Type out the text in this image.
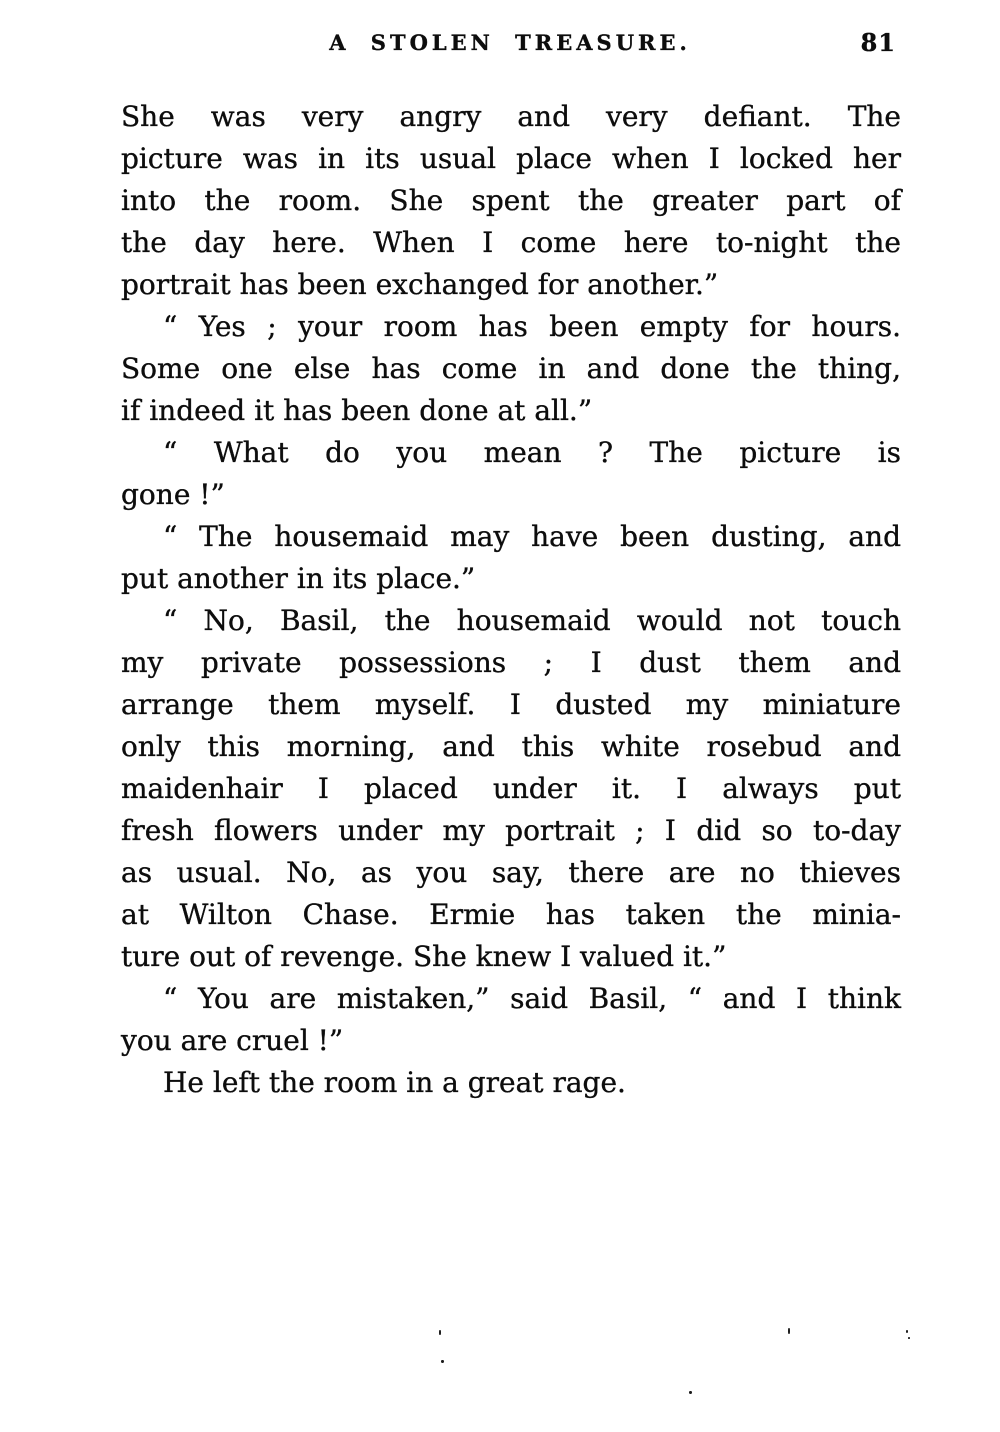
A STOLEN TREASURE.	81
She was very angry and very defiant. The
picture was in its usual place when I locked her
into the room. She spent the greater part of
the day here. When I come here to-night the
portrait has been exchanged for another.”
“ Yes ; your room has been empty for hours.
Some one else has come in and done the thing,
if indeed it has been done at all.”
“ What do you mean ? The picture is
gone !”
“ The housemaid may have been dusting, and
put another in its place.”
“ No, Basil, the housemaid would not touch
my private possessions ; I dust them and
arrange them myself. I dusted my miniature
only this morning, and this white rosebud and
maidenhair I placed under it. I always put
fresh flowers under my portrait ; I did so to-day
as usual. No, as you say, there are no thieves
at Wilton Chase. Ermie has taken the minia-
ture out of revenge. She knew I valued it.”
“ You are mistaken,” said Basil, “ and I think
you are cruel !”
He left the room in a great rage.
